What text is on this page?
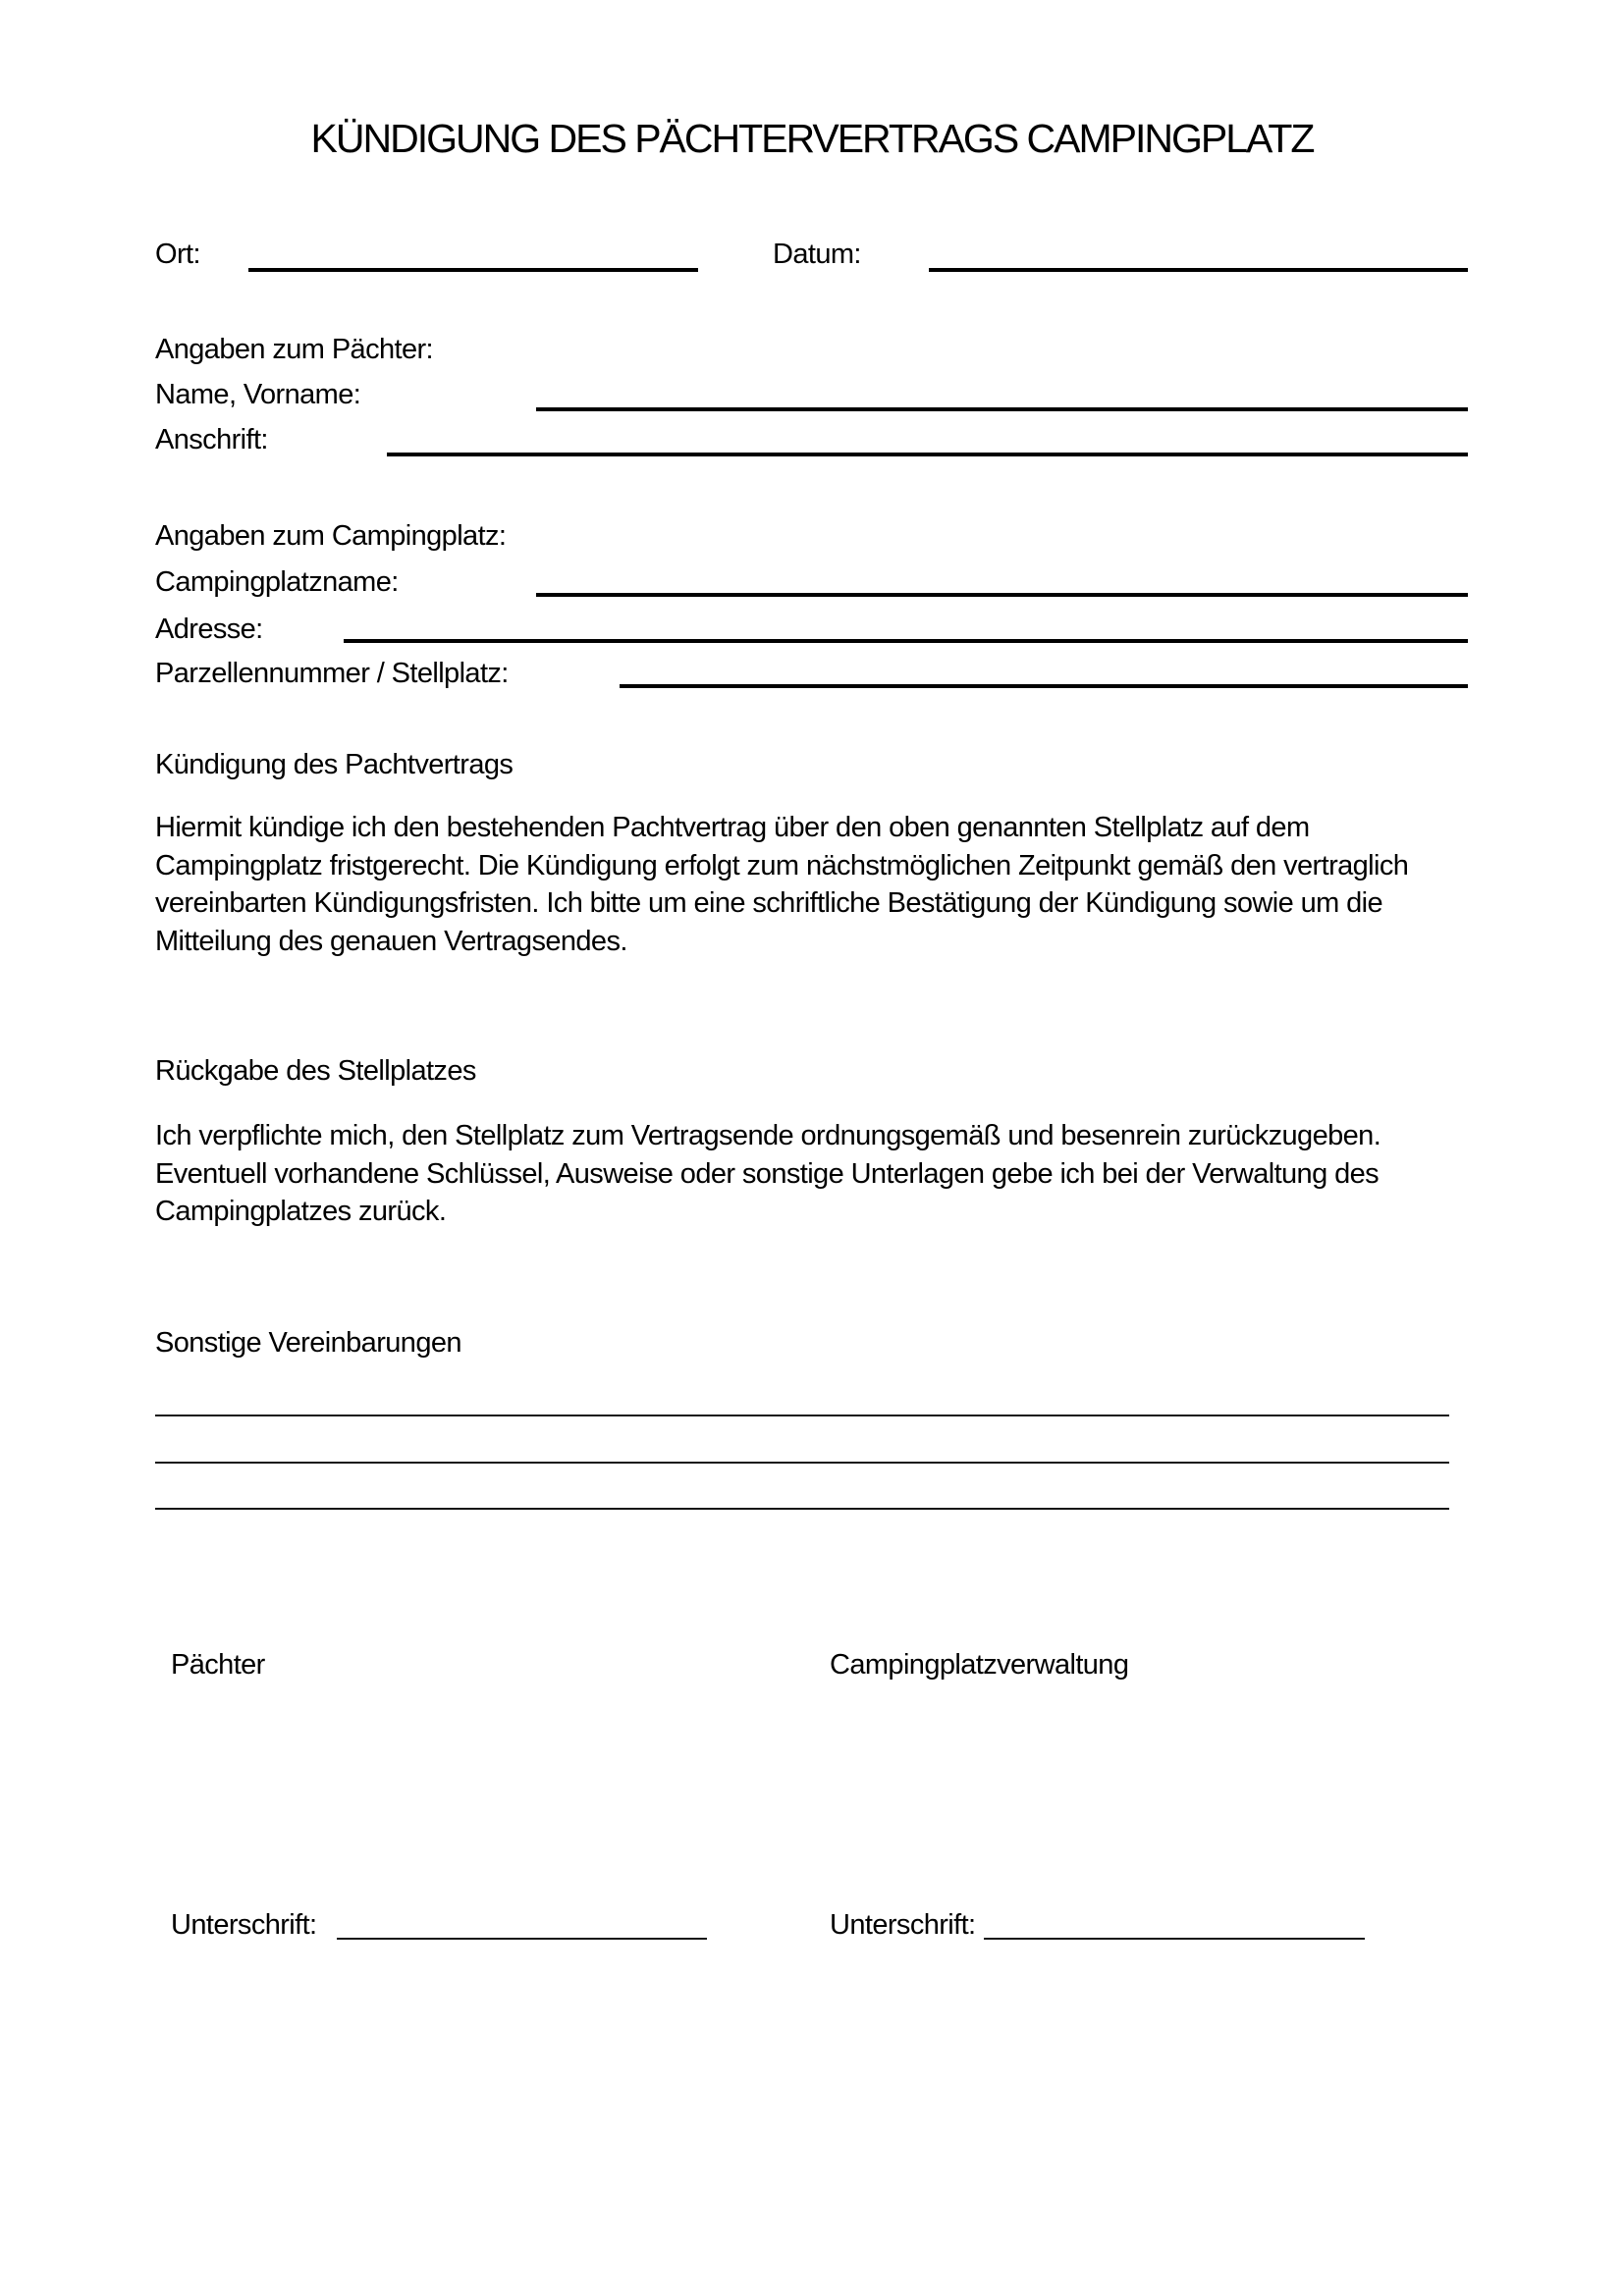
KÜNDIGUNG DES PÄCHTERVERTRAGS CAMPINGPLATZ
Ort:	Datum:
Angaben zum Pächter:
Name, Vorname:
Anschrift:
Angaben zum Campingplatz:
Campingplatzname:
Adresse:
Parzellennummer / Stellplatz:
Kündigung des Pachtvertrags
Hiermit kündige ich den bestehenden Pachtvertrag über den oben genannten Stellplatz auf dem
Campingplatz fristgerecht. Die Kündigung erfolgt zum nächstmöglichen Zeitpunkt gemäß den vertraglich
vereinbarten Kündigungsfristen. Ich bitte um eine schriftliche Bestätigung der Kündigung sowie um die
Mitteilung des genauen Vertragsendes.
Rückgabe des Stellplatzes
Ich verpflichte mich, den Stellplatz zum Vertragsende ordnungsgemäß und besenrein zurückzugeben.
Eventuell vorhandene Schlüssel, Ausweise oder sonstige Unterlagen gebe ich bei der Verwaltung des
Campingplatzes zurück.
Sonstige Vereinbarungen
Pächter	Campingplatzverwaltung
Unterschrift:	Unterschrift:
